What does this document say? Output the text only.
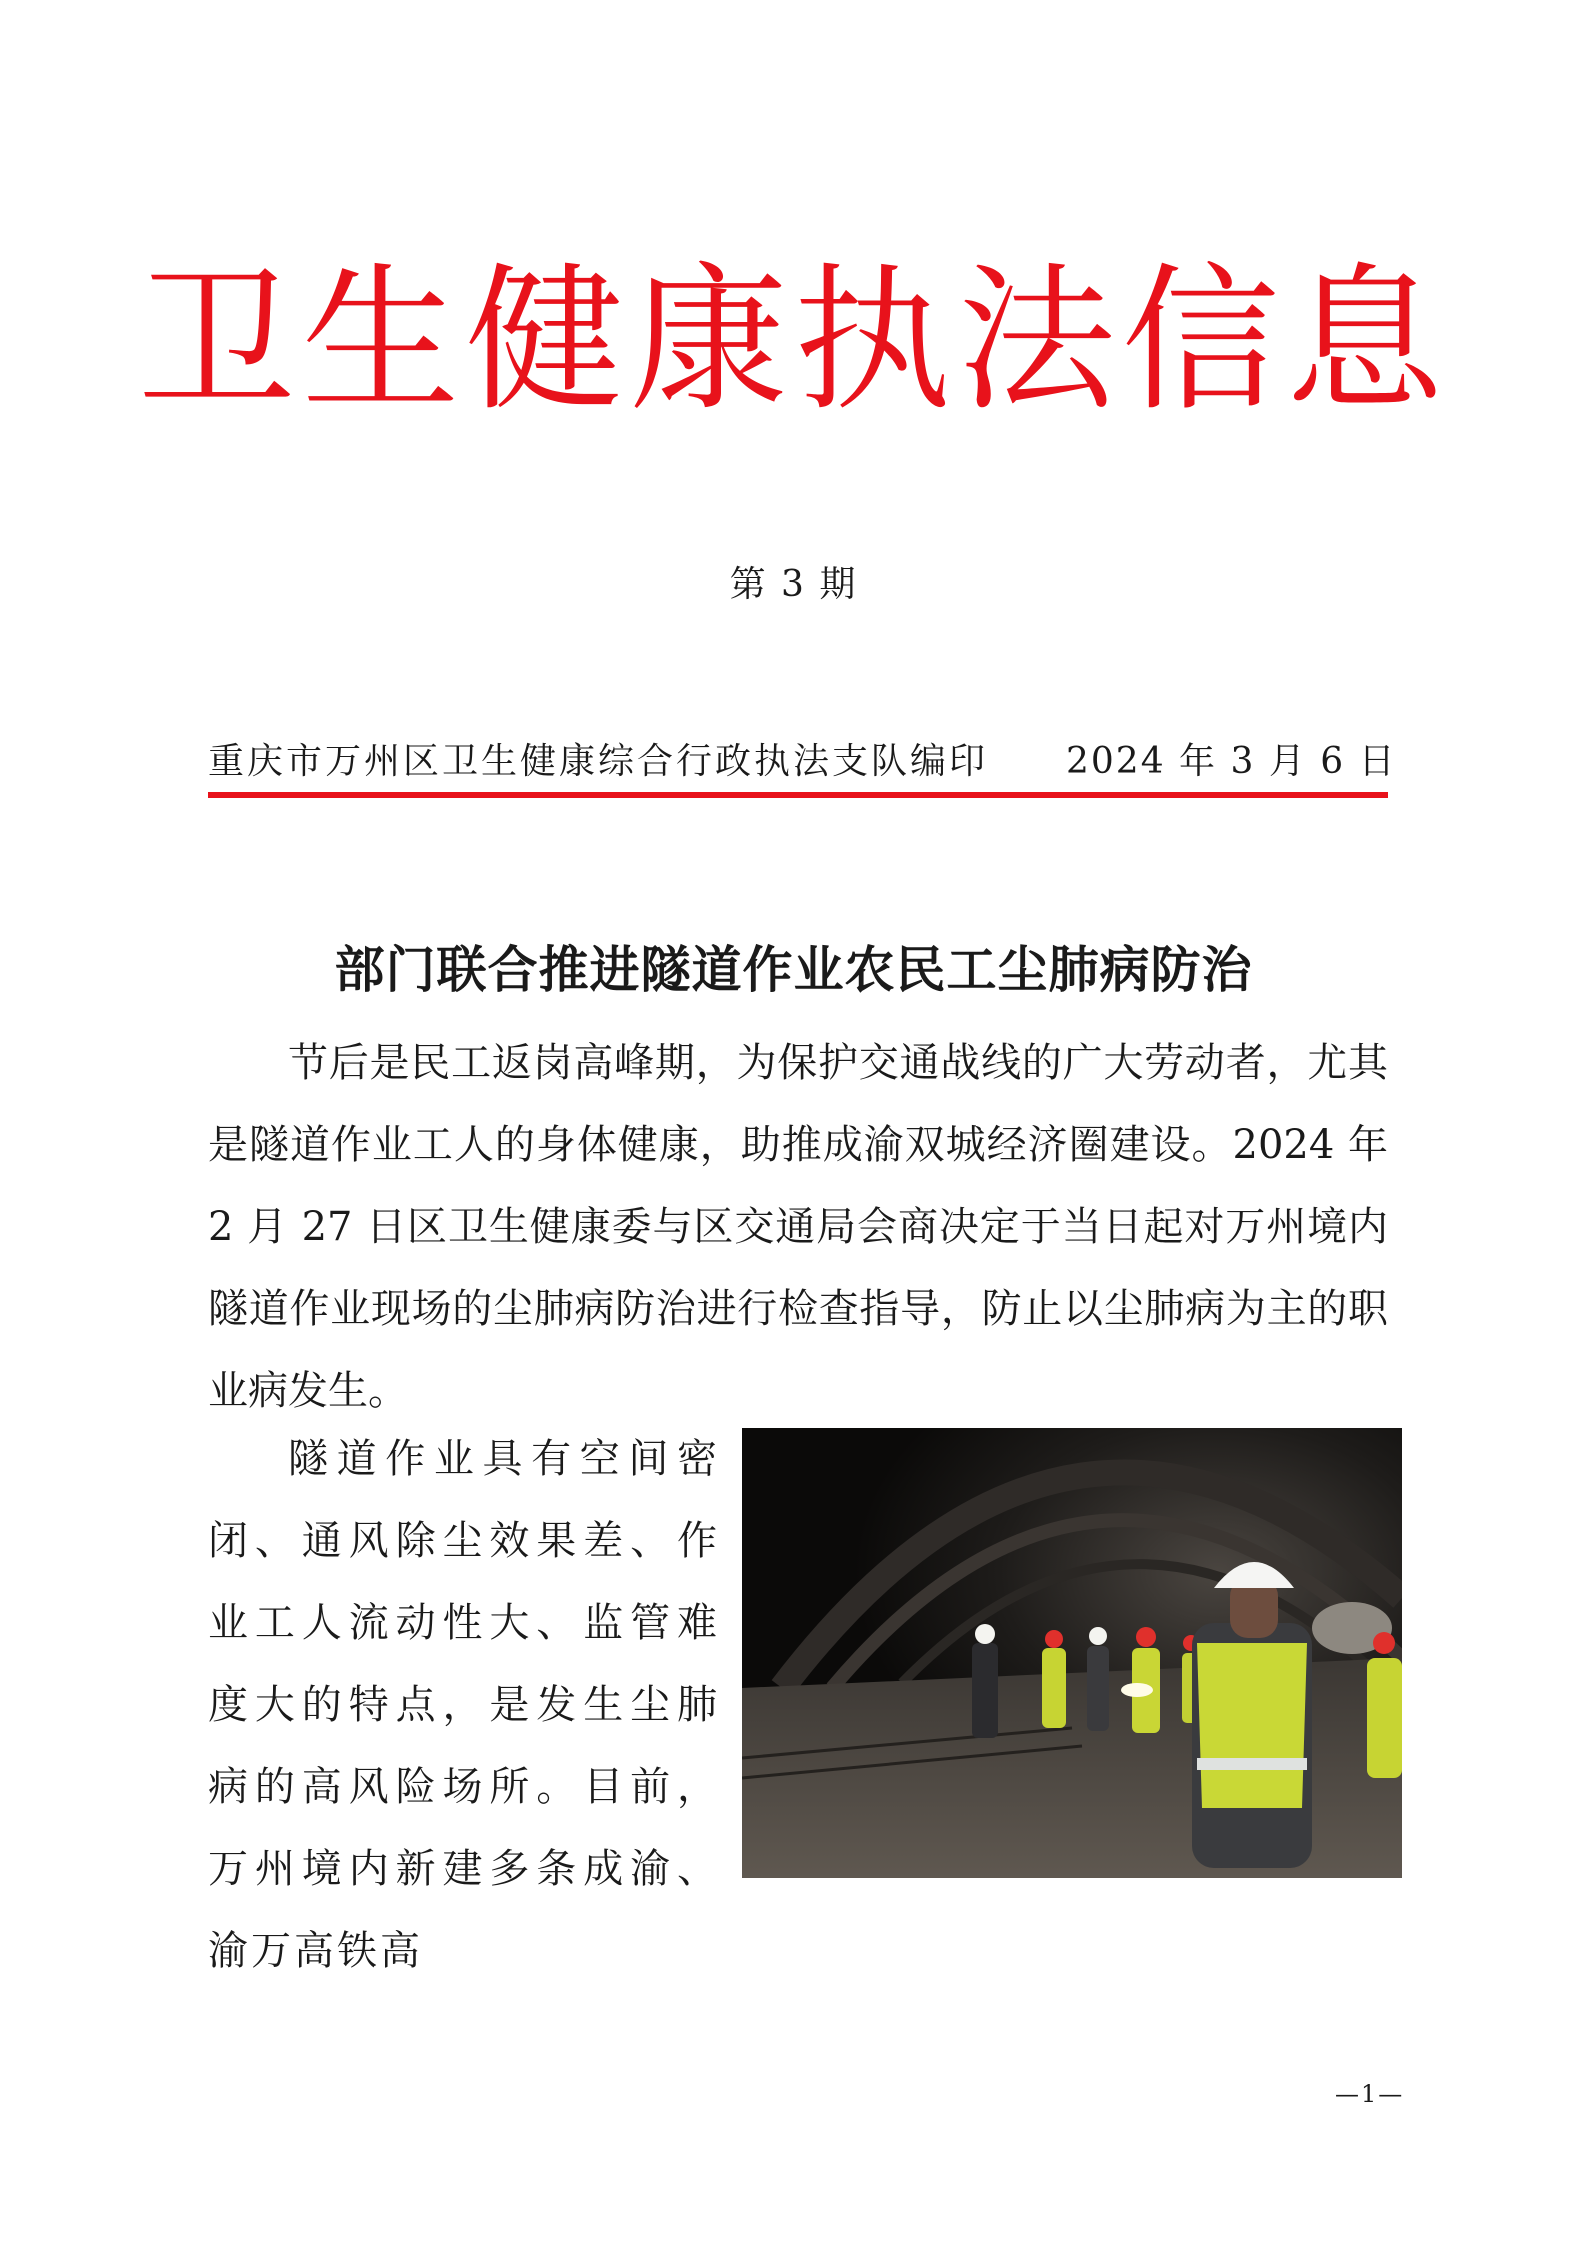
卫生健康执法信息
第 3 期
重庆市万州区卫生健康综合行政执法支队编印 2024 年 3 月 6 日
部门联合推进隧道作业农民工尘肺病防治

节后是民工返岗高峰期，为保护交通战线的广大劳动者，尤其是隧道作业工人的身体健康，助推成渝双城经济圈建设。2024 年 2 月 27 日区卫生健康委与区交通局会商决定于当日起对万州境内隧道作业现场的尘肺病防治进行检查指导，防止以尘肺病为主的职业病发生。

隧道作业具有空间密闭、通风除尘效果差、作业工人流动性大、监管难度大的特点，是发生尘肺病的高风险场所。目前，万州境内新建多条成渝、渝万高铁高

—1—
